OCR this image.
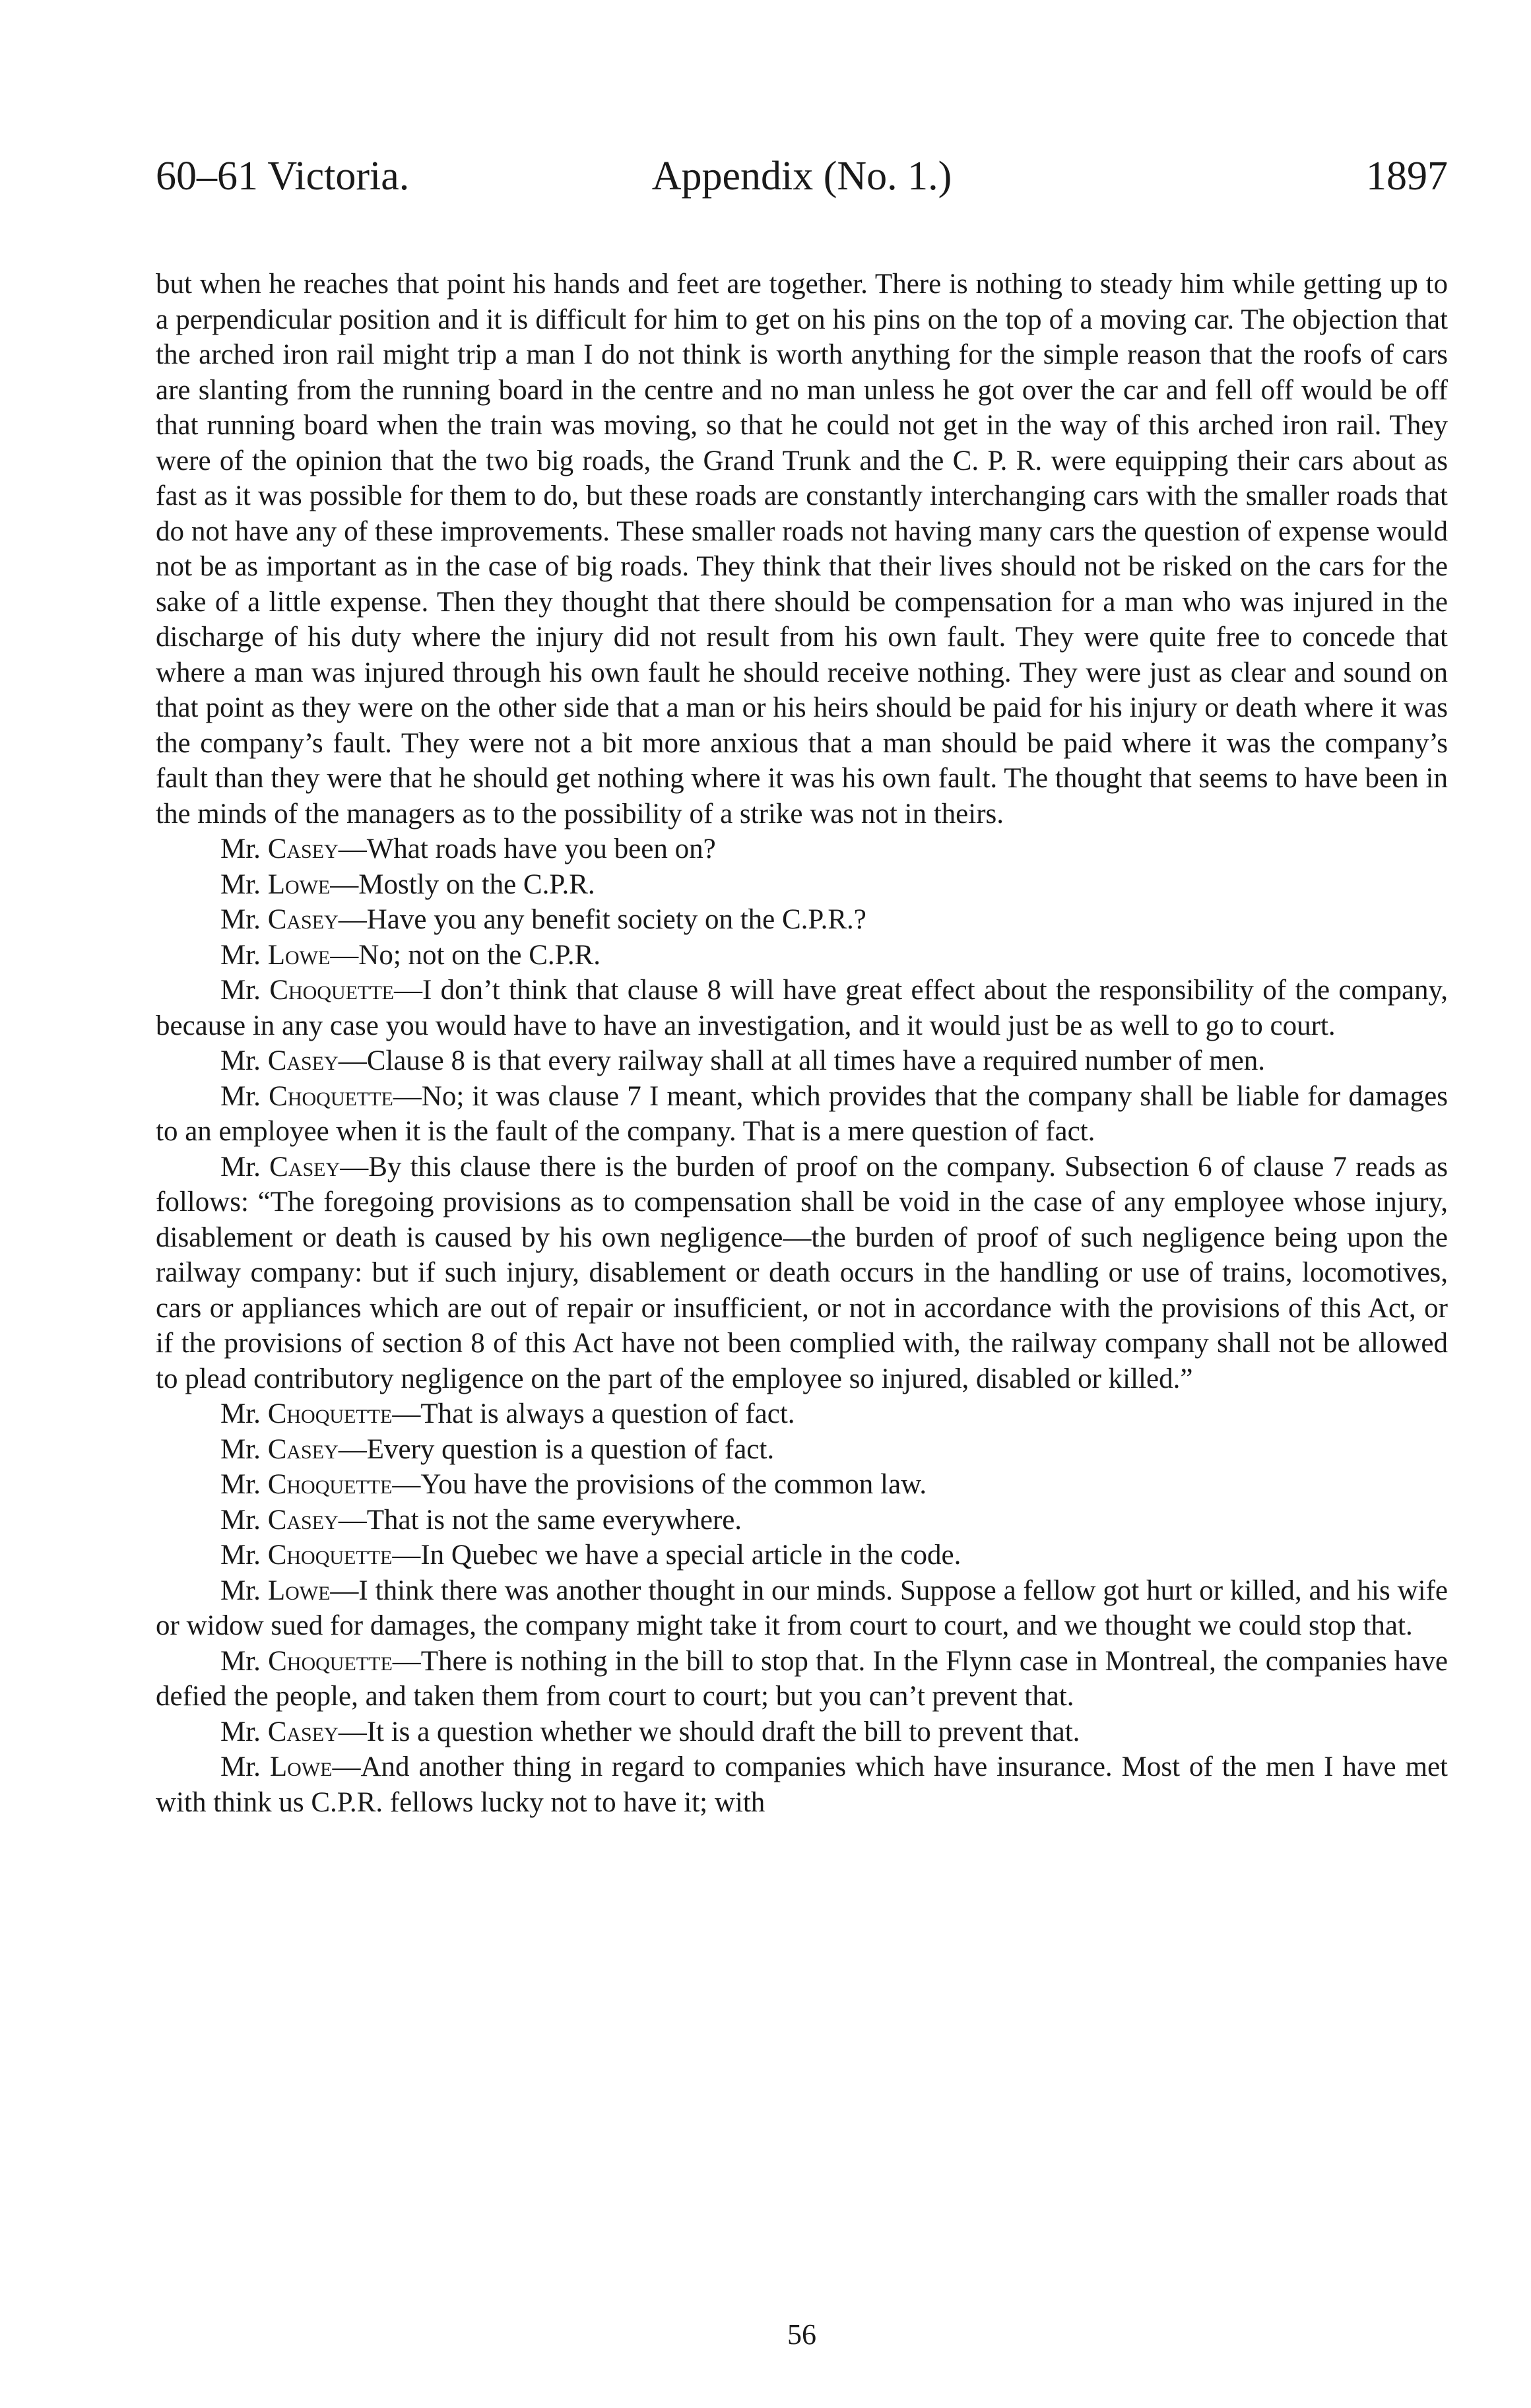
60–61 Victoria.	Appendix (No. 1.)	1897

but when he reaches that point his hands and feet are together. There is nothing to steady him while getting up to a perpendicular position and it is difficult for him to get on his pins on the top of a moving car. The objection that the arched iron rail might trip a man I do not think is worth anything for the simple reason that the roofs of cars are slanting from the running board in the centre and no man unless he got over the car and fell off would be off that running board when the train was moving, so that he could not get in the way of this arched iron rail. They were of the opinion that the two big roads, the Grand Trunk and the C. P. R. were equipping their cars about as fast as it was possible for them to do, but these roads are constantly interchanging cars with the smaller roads that do not have any of these improvements. These smaller roads not having many cars the question of expense would not be as important as in the case of big roads. They think that their lives should not be risked on the cars for the sake of a little expense. Then they thought that there should be compensation for a man who was injured in the discharge of his duty where the injury did not result from his own fault. They were quite free to concede that where a man was injured through his own fault he should receive nothing. They were just as clear and sound on that point as they were on the other side that a man or his heirs should be paid for his injury or death where it was the company’s fault. They were not a bit more anxious that a man should be paid where it was the company’s fault than they were that he should get nothing where it was his own fault. The thought that seems to have been in the minds of the managers as to the possibility of a strike was not in theirs.

Mr. Casey—What roads have you been on?

Mr. Lowe—Mostly on the C.P.R.

Mr. Casey—Have you any benefit society on the C.P.R.?

Mr. Lowe—No; not on the C.P.R.

Mr. Choquette—I don’t think that clause 8 will have great effect about the responsibility of the company, because in any case you would have to have an investigation, and it would just be as well to go to court.

Mr. Casey—Clause 8 is that every railway shall at all times have a required number of men.

Mr. Choquette—No; it was clause 7 I meant, which provides that the company shall be liable for damages to an employee when it is the fault of the company. That is a mere question of fact.

Mr. Casey—By this clause there is the burden of proof on the company. Subsection 6 of clause 7 reads as follows: “The foregoing provisions as to compensation shall be void in the case of any employee whose injury, disablement or death is caused by his own negligence—the burden of proof of such negligence being upon the railway company: but if such injury, disablement or death occurs in the handling or use of trains, locomotives, cars or appliances which are out of repair or insufficient, or not in accordance with the provisions of this Act, or if the provisions of section 8 of this Act have not been complied with, the railway company shall not be allowed to plead contributory negligence on the part of the employee so injured, disabled or killed.”

Mr. Choquette—That is always a question of fact.

Mr. Casey—Every question is a question of fact.

Mr. Choquette—You have the provisions of the common law.

Mr. Casey—That is not the same everywhere.

Mr. Choquette—In Quebec we have a special article in the code.

Mr. Lowe—I think there was another thought in our minds. Suppose a fellow got hurt or killed, and his wife or widow sued for damages, the company might take it from court to court, and we thought we could stop that.

Mr. Choquette—There is nothing in the bill to stop that. In the Flynn case in Montreal, the companies have defied the people, and taken them from court to court; but you can’t prevent that.

Mr. Casey—It is a question whether we should draft the bill to prevent that.

Mr. Lowe—And another thing in regard to companies which have insurance. Most of the men I have met with think us C.P.R. fellows lucky not to have it; with

56
